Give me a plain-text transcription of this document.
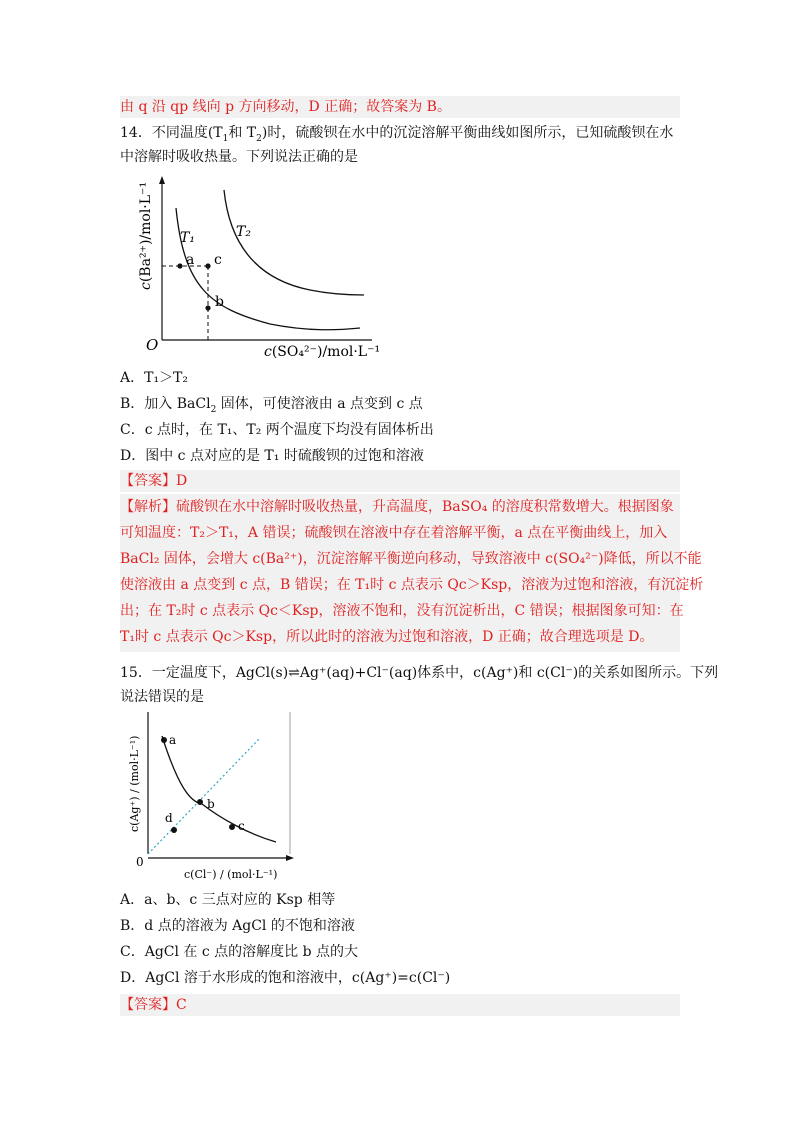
由 q 沿 qp 线向 p 方向移动，D 正确；故答案为 B。
14．不同温度($T_1$和 $T_2$)时，硫酸钡在水中的沉淀溶解平衡曲线如图所示，已知硫酸钡在水
中溶解时吸收热量。下列说法正确的是
a c
b
T₁	T₂
O	c(SO₄²⁻)/mol·L⁻¹
c(Ba²⁺)/mol·L⁻¹
A．T₁＞T₂
B．加入 BaCl$_2$ 固体，可使溶液由 a 点变到 c 点
C．c 点时，在 T₁、T₂ 两个温度下均没有固体析出
D．图中 c 点对应的是 T₁ 时硫酸钡的过饱和溶液
【答案】D
【解析】硫酸钡在水中溶解时吸收热量，升高温度，BaSO₄ 的溶度积常数增大。根据图象
可知温度：T₂＞T₁，A 错误；硫酸钡在溶液中存在着溶解平衡，a 点在平衡曲线上，加入
BaCl₂ 固体，会增大 c(Ba²⁺)，沉淀溶解平衡逆向移动，导致溶液中 c(SO₄²⁻)降低，所以不能
使溶液由 a 点变到 c 点，B 错误；在 T₁时 c 点表示 Qc＞Ksp，溶液为过饱和溶液，有沉淀析
出；在 T₂时 c 点表示 Qc＜Ksp，溶液不饱和，没有沉淀析出，C 错误；根据图象可知：在
T₁时 c 点表示 Qc＞Ksp，所以此时的溶液为过饱和溶液，D 正确；故合理选项是 D。
15．一定温度下，AgCl(s)⇌Ag⁺(aq)+Cl⁻(aq)体系中，c(Ag⁺)和 c(Cl⁻)的关系如图所示。下列
说法错误的是
a
b
c
d
0
c(Cl⁻) / (mol·L⁻¹)
c(Ag⁺) / (mol·L⁻¹)
A．a、b、c 三点对应的 Ksp 相等
B．d 点的溶液为 AgCl 的不饱和溶液
C．AgCl 在 c 点的溶解度比 b 点的大
D．AgCl 溶于水形成的饱和溶液中，c(Ag⁺)=c(Cl⁻)
【答案】C
